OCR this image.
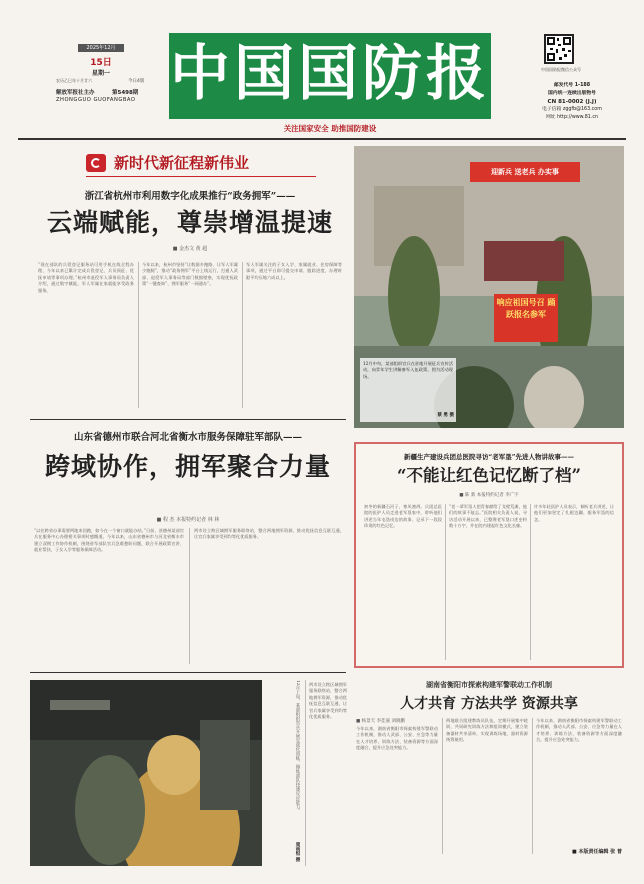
2025年12月
15日
星期一
农历乙巳年十月廿六	今日4版
解放军报社主办	第5498期
ZHONGGUO GUOFANGBAO 中国国防报
关注国家安全 助推国防建设
中国国防报微信公众号
邮发代号 1-188
国内统一连续出版物号
CN 81-0002 (J.J)
电子信箱 zggfb@163.com
网址 http://www.81.cn
新时代新征程新伟业
浙江省杭州市利用数字化成果推行“政务拥军”——
云端赋能，尊崇增温提速
■ 金杰文 黄 超
“现在部队的兵役登记服务站可用手机在线全程办理，今年以来已累计完成兵役登记、兵员预征、优抚申请等事项办理。”杭州市退役军人事务局负责人介绍，通过数字赋能，军人军属在家就能享受政务服务。
今年以来，杭州市坚持“让数据多跑路、让军人军属少跑腿”，推动“政务拥军”平台上线运行，打通人武部、退役军人事务局等部门数据壁垒，实现优抚政策“一键查询”、拥军服务“一网通办”。
军人军属关注的子女入学、家属就业、住房保障等事项，通过平台即可提交申请、跟踪进度，办理时限平均压缩六成以上。
山东省德州市联合河北省衡水市服务保障驻军部队——
跨域协作，拥军聚合力量
■ 程 杰 本报特约记者 林 林
“以往跨省办事需要两地来回跑，如今在一个窗口就能办结。”日前，驻德州某部官兵在服务中心办理相关事项时感慨道。今年以来，山东省德州市与河北省衡水市建立双拥工作协作机制，围绕驻军部队官兵急难愁盼问题，联合开展政策宣讲、就业帮扶、子女入学等服务保障活动。
两市设立跨区域拥军服务联络站，整合两地拥军资源，推动优抚信息互联互通，让官兵家属享受到均等化优质服务。
12月上旬，某部组织官兵开展实战化训练，锤炼部队快速反应能力。
周雨恒 摄
两市设立跨区域拥军服务联络站，整合两地拥军资源，推动优抚信息互联互通，让官兵家属享受到均等化优质服务。
响应祖国号召 踊跃报名参军
迎新兵 送老兵 办实事
12月中旬，某部组织官兵在驻地开展征兵宣传活动，向青年学生讲解参军入伍政策。图为活动现场。
蔡 勇 摄
新疆生产建设兵团总医院寻访“老军垦”先进人物讲故事——
“不能让红色记忆断了档”
■ 陈 新 本报特约记者 李广宇
初冬的新疆石河子，寒风凛冽。兵团总医院的医护人员走进老军垦家中，聆听他们讲述当年屯垦戍边的故事，记录下一段段珍贵的红色记忆。
“老一辈军垦人把青春献给了戈壁荒滩，他们的故事不能忘。”医院相关负责人说，寻访活动开展以来，已整理老军垦口述史料数十万字，并在院内建起红色文化长廊。
许多年轻医护人员表示，倾听老兵讲述，让他们更加坚定了扎根边疆、服务军垦的信念。
湖南省衡阳市探索构建军警联动工作机制
人才共育 方法共学 资源共享
■ 杨景天 李佳嘉 刘晓鹏
今年以来，湖南省衡阳市探索构建军警联动工作机制，推动人武部、公安、应急等力量在人才培养、训练方法、装备资源等方面深度融合，提升应急处突能力。
两地联合组建教练员队伍，定期开展集中轮训，共同研究训练方法和组训模式，建立装备器材共享清单，实现训练场地、器材资源统筹使用。
今年以来，湖南省衡阳市探索构建军警联动工作机制，推动人武部、公安、应急等力量在人才培养、训练方法、装备资源等方面深度融合，提升应急处突能力。
■ 本版责任编辑 张 普
